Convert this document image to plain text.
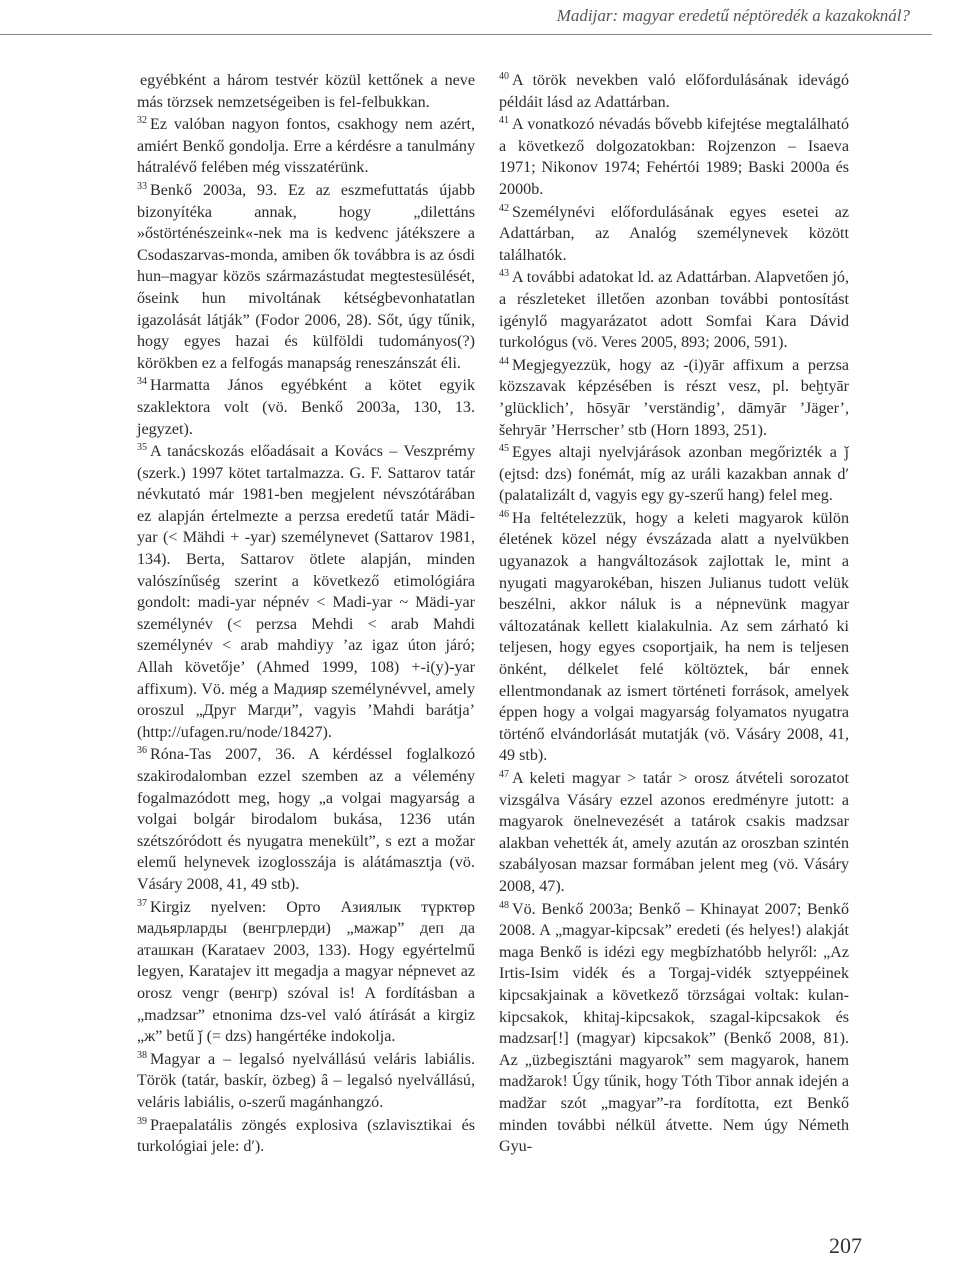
Madijar: magyar eredetű néptöredék a kazakoknál?

egyébként a három testvér közül kettőnek a neve más törzsek nemzetségeiben is fel-felbukkan.

$^{32}$ Ez valóban nagyon fontos, csakhogy nem azért, amiért Benkő gondolja. Erre a kérdésre a tanulmány hátralévő felében még visszatérünk.

$^{33}$ Benkő 2003a, 93. Ez az eszmefuttatás újabb bizonyítéka annak, hogy „dilettáns »őstörténészeink«-nek ma is kedvenc játékszere a Csodaszarvas-monda, amiben ők továbbra is az ósdi hun–magyar közös származástudat megtestesülését, őseink hun mivoltának kétségbevonhatatlan igazolását látják” (Fodor 2006, 28). Sőt, úgy tűnik, hogy egyes hazai és külföldi tudományos(?) körökben ez a felfogás manapság reneszánszát éli.

$^{34}$ Harmatta János egyébként a kötet egyik szaklektora volt (vö. Benkő 2003a, 130, 13. jegyzet).

$^{35}$ A tanácskozás előadásait a Kovács – Veszprémy (szerk.) 1997 kötet tartalmazza. G. F. Sattarov tatár névkutató már 1981-ben megjelent névszótárában ez alapján értelmezte a perzsa eredetű tatár Mädi-yar (< Mähdi + -yar) személynevet (Sattarov 1981, 134). Berta, Sattarov ötlete alapján, minden valószínűség szerint a következő etimológiára gondolt: madi-yar népnév < Madi-yar ~ Mädi-yar személynév (< perzsa Mehdi < arab Mahdi személynév < arab mahdiyy ’az igaz úton járó; Allah követője’ (Ahmed 1999, 108) +-i(y)-yar affixum). Vö. még a Мадияр személynévvel, amely oroszul „Друг Магди”, vagyis ’Mahdi barátja’ (http://ufagen.ru/node/18427).

$^{36}$ Róna-Tas 2007, 36. A kérdéssel foglalkozó szakirodalomban ezzel szemben az a vélemény fogalmazódott meg, hogy „a volgai magyarság a volgai bolgár birodalom bukása, 1236 után szétszóródott és nyugatra menekült”, s ezt a možar elemű helynevek izoglosszája is alátámasztja (vö. Vásáry 2008, 41, 49 stb).

$^{37}$ Kirgiz nyelven: Орто Азиялык түрктөр мадьярларды (венгрлерди) „мажар” деп да аташкан (Karataev 2003, 133). Hogy egyértelmű legyen, Karatajev itt megadja a magyar népnevet az orosz vengr (венгр) szóval is! A fordításban a „madzsar” etnonima dzs-vel való átírását a kirgiz „ж” betű ǰ (= dzs) hangértéke indokolja.

$^{38}$ Magyar a – legalsó nyelvállású veláris labiális. Török (tatár, baskír, özbeg) ȃ – legalsó nyelvállású, veláris labiális, o-szerű magánhangzó.

$^{39}$ Praepalatális zöngés explosiva (szlavisztikai és turkológiai jele: d′).

$^{40}$ A török nevekben való előfordulásának idevágó példáit lásd az Adattárban.

$^{41}$ A vonatkozó névadás bővebb kifejtése megtalálható a következő dolgozatokban: Rojzenzon – Isaeva 1971; Nikonov 1974; Fehértói 1989; Baski 2000a és 2000b.

$^{42}$ Személynévi előfordulásának egyes esetei az Adattárban, az Analóg személynevek között találhatók.

$^{43}$ A további adatokat ld. az Adattárban. Alapvetően jó, a részleteket illetően azonban további pontosítást igénylő magyarázatot adott Somfai Kara Dávid turkológus (vö. Veres 2005, 893; 2006, 591).

$^{44}$ Megjegyezzük, hogy az -(i)yār affixum a perzsa közszavak képzésében is részt vesz, pl. beḫtyār ’glücklich’, hōsyār ’verständig’, dāmyār ’Jäger’, šehryār ’Herrscher’ stb (Horn 1893, 251).

$^{45}$ Egyes altaji nyelvjárások azonban megőrizték a ǰ (ejtsd: dzs) fonémát, míg az uráli kazakban annak d′ (palatalizált d, vagyis egy gy-szerű hang) felel meg.

$^{46}$ Ha feltételezzük, hogy a keleti magyarok külön életének közel négy évszázada alatt a nyelvükben ugyanazok a hangváltozások zajlottak le, mint a nyugati magyarokéban, hiszen Julianus tudott velük beszélni, akkor náluk is a népnevünk magyar változatának kellett kialakulnia. Az sem zárható ki teljesen, hogy egyes csoportjaik, ha nem is teljesen önként, délkelet felé költöztek, bár ennek ellentmondanak az ismert történeti források, amelyek éppen hogy a volgai magyarság folyamatos nyugatra történő elvándorlását mutatják (vö. Vásáry 2008, 41, 49 stb).

$^{47}$ A keleti magyar > tatár > orosz átvételi sorozatot vizsgálva Vásáry ezzel azonos eredményre jutott: a magyarok önelnevezését a tatárok csakis madzsar alakban vehették át, amely azután az oroszban szintén szabályosan mazsar formában jelent meg (vö. Vásáry 2008, 47).

$^{48}$ Vö. Benkő 2003a; Benkő – Khinayat 2007; Benkő 2008. A „magyar-kipcsak” eredeti (és helyes!) alakját maga Benkő is idézi egy megbízhatóbb helyről: „Az Irtis-Isim vidék és a Torgaj-vidék sztyeppéinek kipcsakjainak a következő törzságai voltak: kulan-kipcsakok, khitaj-kipcsakok, szagal-kipcsakok és madzsar[!] (magyar) kipcsakok” (Benkő 2008, 81). Az „üzbegisztáni magyarok” sem magyarok, hanem madžarok! Úgy tűnik, hogy Tóth Tibor annak idején a madžar szót „magyar”-ra fordította, ezt Benkő minden további nélkül átvette. Nem úgy Németh Gyu-

207
